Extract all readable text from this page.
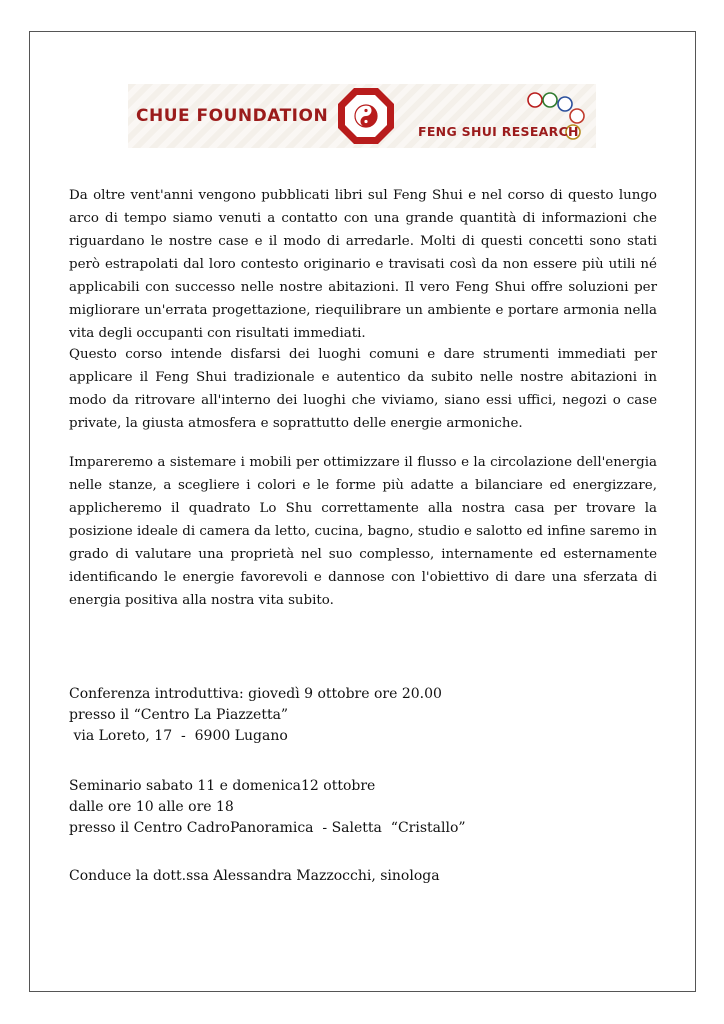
CHUE FOUNDATION
FENG SHUI RESEARCH

Da oltre vent'anni vengono pubblicati libri sul Feng Shui e nel corso di questo lungo arco di tempo siamo venuti a contatto con una grande quantità di informazioni che riguardano le nostre case e il modo di arredarle. Molti di questi concetti sono stati però estrapolati dal loro contesto originario e travisati così da non essere più utili né applicabili con successo nelle nostre abitazioni. Il vero Feng Shui offre soluzioni per migliorare un'errata progettazione, riequilibrare un ambiente e portare armonia nella vita degli occupanti con risultati immediati.

Questo corso intende disfarsi dei luoghi comuni e dare strumenti immediati per applicare il Feng Shui tradizionale e autentico da subito nelle nostre abitazioni in modo da ritrovare all'interno dei luoghi che viviamo, siano essi uffici, negozi o case private, la giusta atmosfera e soprattutto delle energie armoniche.

Impareremo a sistemare i mobili per ottimizzare il flusso e la circolazione dell'energia nelle stanze, a scegliere i colori e le forme più adatte a bilanciare ed energizzare, applicheremo il quadrato Lo Shu correttamente alla nostra casa per trovare la posizione ideale di camera da letto, cucina, bagno, studio e salotto ed infine saremo in grado di valutare una proprietà nel suo complesso, internamente ed esternamente identificando le energie favorevoli e dannose con l'obiettivo di dare una sferzata di energia positiva alla nostra vita subito.

Conferenza introduttiva: giovedì 9 ottobre ore 20.00
presso il “Centro La Piazzetta”
via Loreto, 17  -  6900 Lugano
Seminario sabato 11 e domenica12 ottobre
dalle ore 10 alle ore 18
presso il Centro CadroPanoramica  - Saletta  “Cristallo”
Conduce la dott.ssa Alessandra Mazzocchi, sinologa
